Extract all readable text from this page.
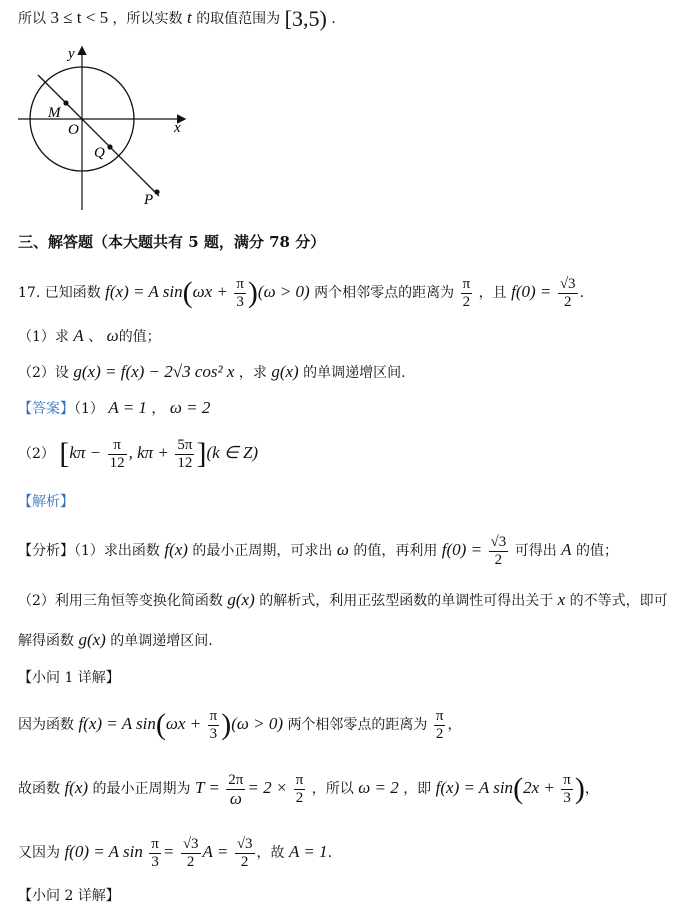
所以 3 ≤ t < 5 ，所以实数 t 的取值范围为 [3,5) .
y
x
O
M
Q
P
三、解答题（本大题共有 5 题，满分 78 分）
17. 已知函数 f(x) = A $\sin(\omega x + \frac{\pi}{3} )(\omega > 0)$ 两个相邻零点的距离为 $\frac{\pi}{2}$ ，且 $f(0) = \frac{√3}{2}$ .
（1）求 A 、 ω的值；
（2）设 g(x) = f(x) − 2√3 cos² x ，求 g(x) 的单调递增区间.
【答案】（1） A = 1 ， ω = 2
（2） [$k\pi - \frac{\pi}{12}$ , $k\pi + \frac{5\pi}{12} ](k$ ∈ Z)
【解析】
【分析】（1）求出函数 f(x) 的最小正周期，可求出 ω 的值，再利用 $f(0) = \frac{√3}{2}$ 可得出 A 的值；
（2）利用三角恒等变换化简函数 g(x) 的解析式，利用正弦型函数的单调性可得出关于 x 的不等式，即可
解得函数 g(x) 的单调递增区间.
【小问 1 详解】
因为函数 f(x) = A $\sin(\omega x + \frac{\pi}{3} )(\omega > 0)$ 两个相邻零点的距离为 $\frac{\pi}{2}$ ，
故函数 f(x) 的最小正周期为 $T = \frac{2\pi}{\omega} = 2 \times \frac{\pi}{2}$ ，所以 ω = 2 ，即 f(x) = A $\sin(2x + \frac{\pi}{3}$ )，
又因为 f(0) = A $\sin \frac{\pi}{3} = \frac{√3}{2}$ $A = \frac{√3}{2}$ ，故 A = 1.
【小问 2 详解】
